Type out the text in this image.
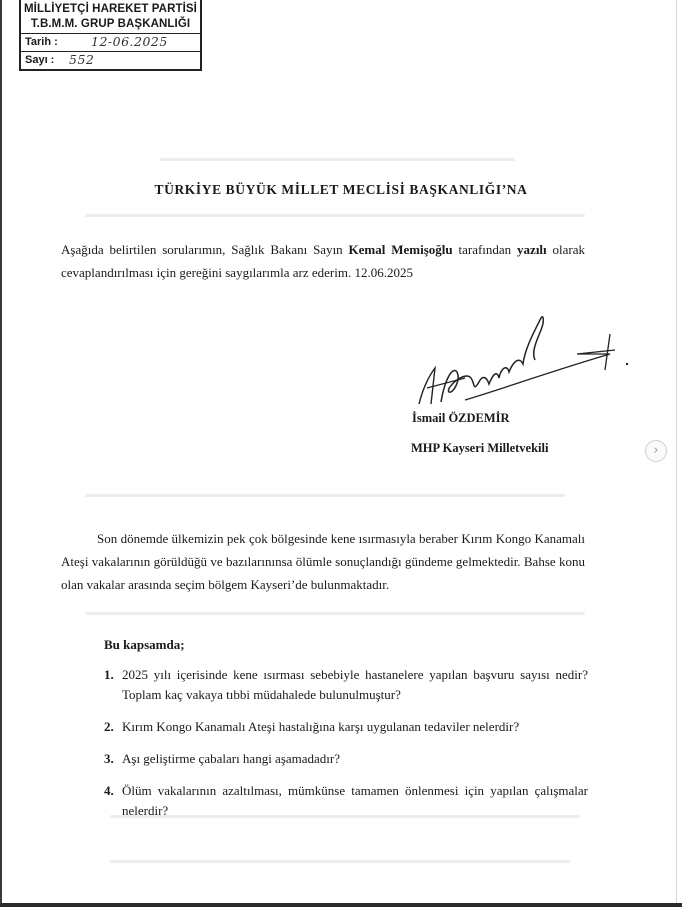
MİLLİYETÇİ HAREKET PARTİSİ
T.B.M.M. GRUP BAŞKANLIĞI
Tarih :	12-06.2025
Sayı : 552
TÜRKİYE BÜYÜK MİLLET MECLİSİ BAŞKANLIĞI’NA
Aşağıda belirtilen sorularımın, Sağlık Bakanı Sayın Kemal Memişoğlu tarafından yazılı olarak cevaplandırılması için gereğini saygılarımla arz ederim. 12.06.2025
İsmail ÖZDEMİR
MHP Kayseri Milletvekili	›
Son dönemde ülkemizin pek çok bölgesinde kene ısırmasıyla beraber Kırım Kongo Kanamalı Ateşi vakalarının görüldüğü ve bazılarınınsa ölümle sonuçlandığı gündeme gelmektedir. Bahse konu olan vakalar arasında seçim bölgem Kayseri’de bulunmaktadır.
Bu kapsamda;
1. 2025 yılı içerisinde kene ısırması sebebiyle hastanelere yapılan başvuru sayısı nedir? Toplam kaç vakaya tıbbi müdahalede bulunulmuştur?
2. Kırım Kongo Kanamalı Ateşi hastalığına karşı uygulanan tedaviler nelerdir?
3. Aşı geliştirme çabaları hangi aşamadadır?
4. Ölüm vakalarının azaltılması, mümkünse tamamen önlenmesi için yapılan çalışmalar nelerdir?
